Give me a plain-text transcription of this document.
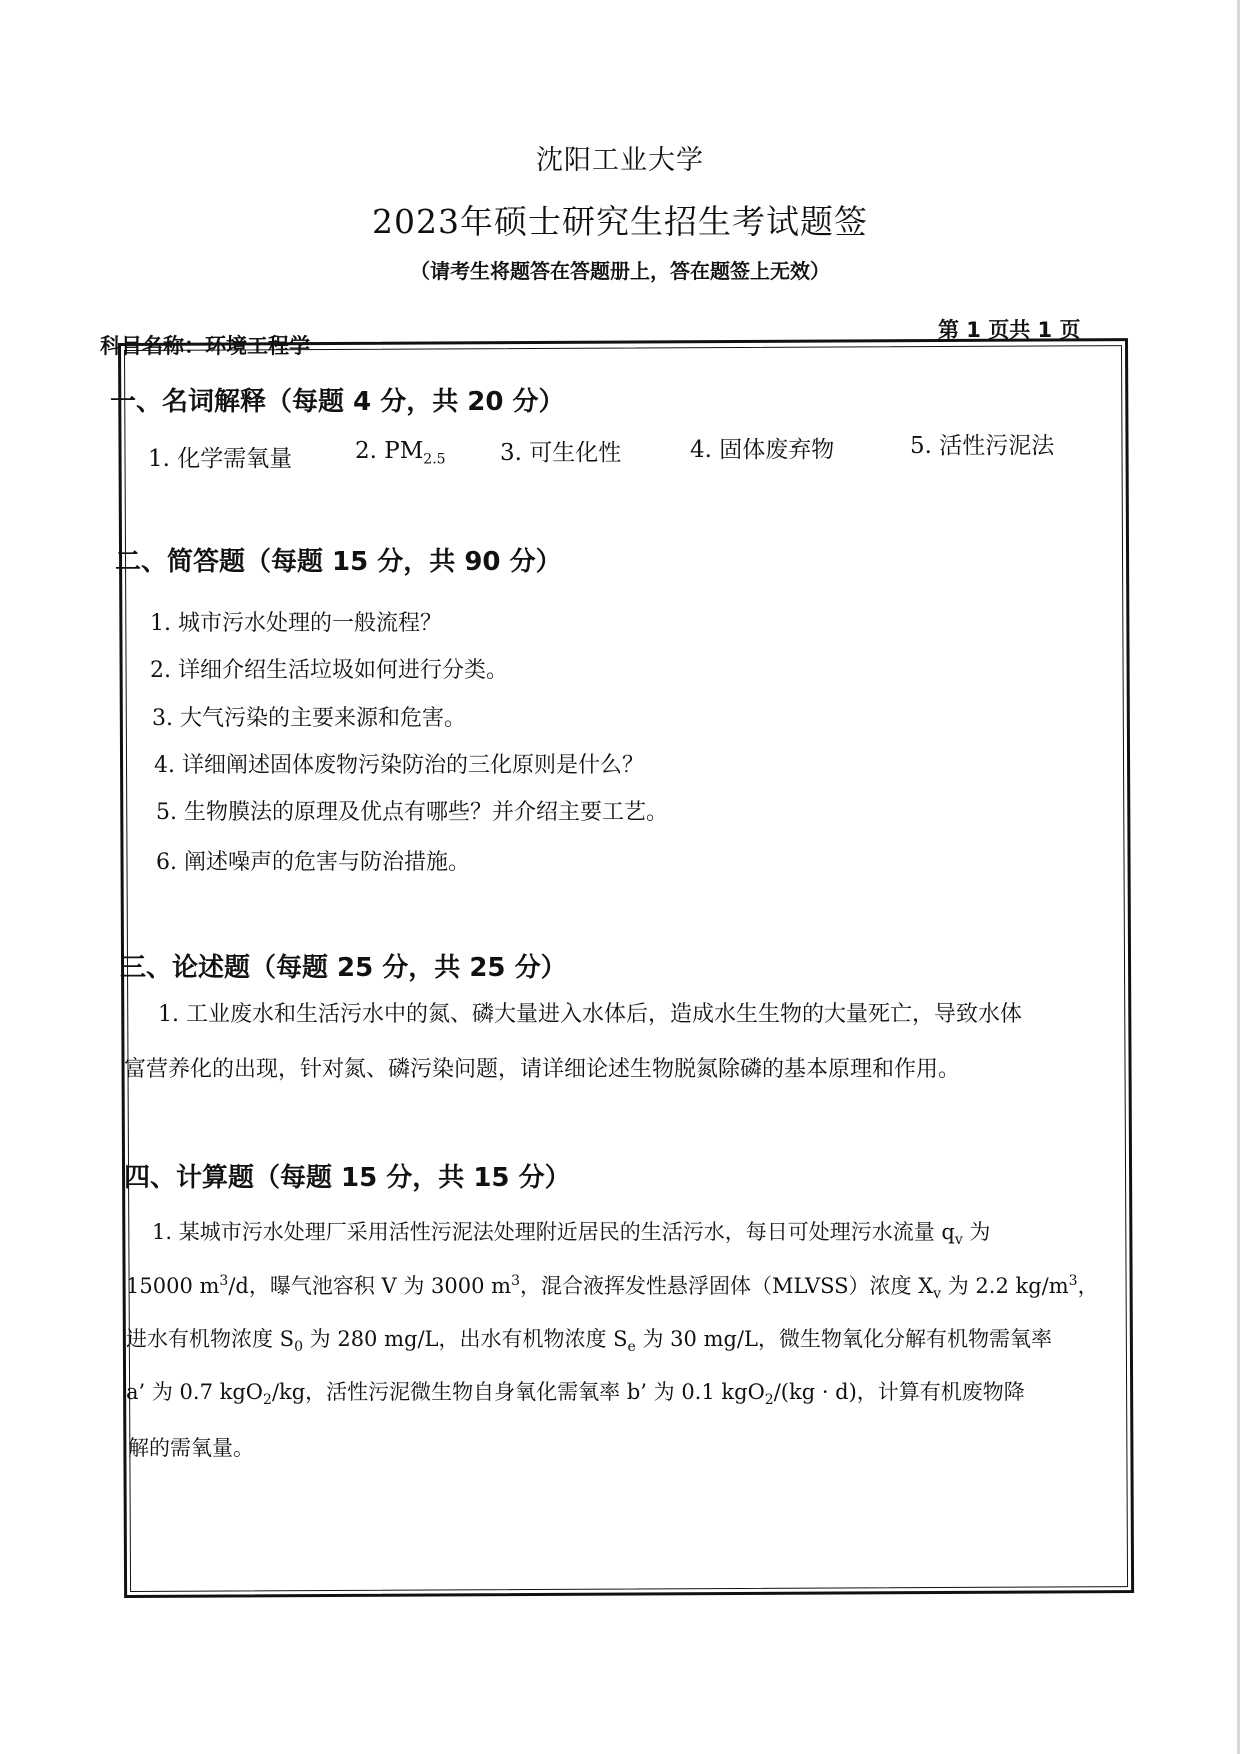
沈阳工业大学
2023年硕士研究生招生考试题签
（请考生将题答在答题册上，答在题签上无效）
科目名称：环境工程学
第 1 页共 1 页
一、名词解释（每题 4 分，共 20 分）
1. 化学需氧量	2. $PM_{2.5}$ 3. 可生化性	4. 固体废弃物	5. 活性污泥法
二、简答题（每题 15 分，共 90 分）
1. 城市污水处理的一般流程？
2. 详细介绍生活垃圾如何进行分类。
3. 大气污染的主要来源和危害。
4. 详细阐述固体废物污染防治的三化原则是什么？
5. 生物膜法的原理及优点有哪些？并介绍主要工艺。
6. 阐述噪声的危害与防治措施。
三、论述题（每题 25 分，共 25 分）
1. 工业废水和生活污水中的氮、磷大量进入水体后，造成水生生物的大量死亡，导致水体
富营养化的出现，针对氮、磷污染问题，请详细论述生物脱氮除磷的基本原理和作用。
四、计算题（每题 15 分，共 15 分）
1. 某城市污水处理厂采用活性污泥法处理附近居民的生活污水，每日可处理污水流量 $q_v$ 为
15000 $m^3/d$，曝气池容积 V 为 3000 $m^3$，混合液挥发性悬浮固体（MLVSS）浓度 $X_v$ 为 2.2 $kg/m^3$，
进水有机物浓度 $S_0$ 为 280 mg/L，出水有机物浓度 $S_e$ 为 30 mg/L，微生物氧化分解有机物需氧率
a’ 为 0.7 kgO$_2$/kg，活性污泥微生物自身氧化需氧率 b’ 为 0.1 kgO$_2$/(kg · d)，计算有机废物降
解的需氧量。
